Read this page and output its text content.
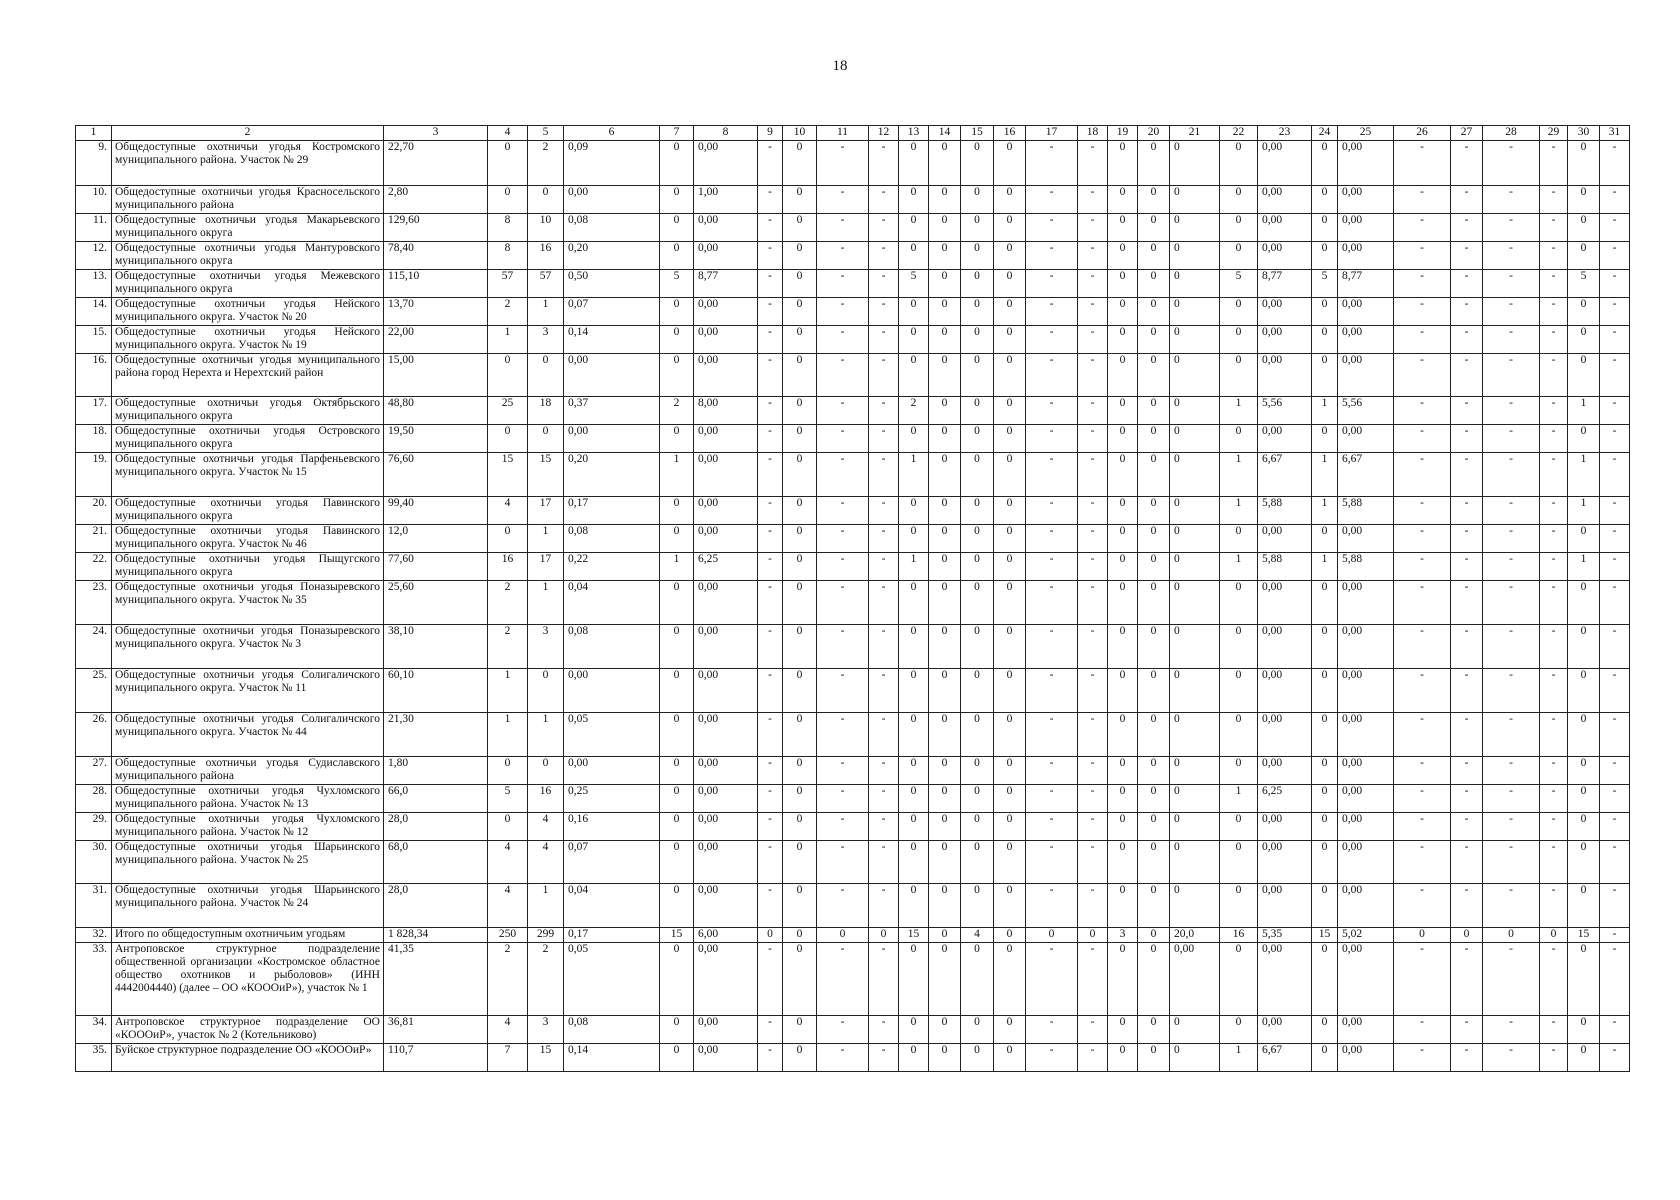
18
1	2	3	4	5	6	7	8	9	10	11	12	13	14	15	16	17	18	19	20	21	22	23	24	25	26	27	28	29	30	31
9.	Общедоступные охотничьи угодья Костромского муниципального района. Участок № 29	22,70	0	2	0,09	0	0,00	-	0	-	-	0	0	0	0	-	-	0	0	0	0	0,00	0	0,00	-	-	-	-	0	-
10.	Общедоступные охотничьи угодья Красносельского муниципального района	2,80	0	0	0,00	0	1,00	-	0	-	-	0	0	0	0	-	-	0	0	0	0	0,00	0	0,00	-	-	-	-	0	-
11.	Общедоступные охотничьи угодья Макарьевского муниципального округа	129,60	8	10	0,08	0	0,00	-	0	-	-	0	0	0	0	-	-	0	0	0	0	0,00	0	0,00	-	-	-	-	0	-
12.	Общедоступные охотничьи угодья Мантуровского муниципального округа	78,40	8	16	0,20	0	0,00	-	0	-	-	0	0	0	0	-	-	0	0	0	0	0,00	0	0,00	-	-	-	-	0	-
13.	Общедоступные охотничьи угодья Межевского муниципального округа	115,10	57	57	0,50	5	8,77	-	0	-	-	5	0	0	0	-	-	0	0	0	5	8,77	5	8,77	-	-	-	-	5	-
14.	Общедоступные охотничьи угодья Нейского муниципального округа. Участок № 20	13,70	2	1	0,07	0	0,00	-	0	-	-	0	0	0	0	-	-	0	0	0	0	0,00	0	0,00	-	-	-	-	0	-
15.	Общедоступные охотничьи угодья Нейского муниципального округа. Участок № 19	22,00	1	3	0,14	0	0,00	-	0	-	-	0	0	0	0	-	-	0	0	0	0	0,00	0	0,00	-	-	-	-	0	-
16.	Общедоступные охотничьи угодья муниципального района город Нерехта и Нерехтский район	15,00	0	0	0,00	0	0,00	-	0	-	-	0	0	0	0	-	-	0	0	0	0	0,00	0	0,00	-	-	-	-	0	-
17.	Общедоступные охотничьи угодья Октябрьского муниципального округа	48,80	25	18	0,37	2	8,00	-	0	-	-	2	0	0	0	-	-	0	0	0	1	5,56	1	5,56	-	-	-	-	1	-
18.	Общедоступные охотничьи угодья Островского муниципального округа	19,50	0	0	0,00	0	0,00	-	0	-	-	0	0	0	0	-	-	0	0	0	0	0,00	0	0,00	-	-	-	-	0	-
19.	Общедоступные охотничьи угодья Парфеньевского муниципального округа. Участок № 15	76,60	15	15	0,20	1	0,00	-	0	-	-	1	0	0	0	-	-	0	0	0	1	6,67	1	6,67	-	-	-	-	1	-
20.	Общедоступные охотничьи угодья Павинского муниципального округа	99,40	4	17	0,17	0	0,00	-	0	-	-	0	0	0	0	-	-	0	0	0	1	5,88	1	5,88	-	-	-	-	1	-
21.	Общедоступные охотничьи угодья Павинского муниципального округа. Участок № 46	12,0	0	1	0,08	0	0,00	-	0	-	-	0	0	0	0	-	-	0	0	0	0	0,00	0	0,00	-	-	-	-	0	-
22.	Общедоступные охотничьи угодья Пыщугского муниципального округа	77,60	16	17	0,22	1	6,25	-	0	-	-	1	0	0	0	-	-	0	0	0	1	5,88	1	5,88	-	-	-	-	1	-
23.	Общедоступные охотничьи угодья Поназыревского муниципального округа. Участок № 35	25,60	2	1	0,04	0	0,00	-	0	-	-	0	0	0	0	-	-	0	0	0	0	0,00	0	0,00	-	-	-	-	0	-
24.	Общедоступные охотничьи угодья Поназыревского муниципального округа. Участок № 3	38,10	2	3	0,08	0	0,00	-	0	-	-	0	0	0	0	-	-	0	0	0	0	0,00	0	0,00	-	-	-	-	0	-
25.	Общедоступные охотничьи угодья Солигаличского муниципального округа. Участок № 11	60,10	1	0	0,00	0	0,00	-	0	-	-	0	0	0	0	-	-	0	0	0	0	0,00	0	0,00	-	-	-	-	0	-
26.	Общедоступные охотничьи угодья Солигаличского муниципального округа. Участок № 44	21,30	1	1	0,05	0	0,00	-	0	-	-	0	0	0	0	-	-	0	0	0	0	0,00	0	0,00	-	-	-	-	0	-
27.	Общедоступные охотничьи угодья Судиславского муниципального района	1,80	0	0	0,00	0	0,00	-	0	-	-	0	0	0	0	-	-	0	0	0	0	0,00	0	0,00	-	-	-	-	0	-
28.	Общедоступные охотничьи угодья Чухломского муниципального района. Участок № 13	66,0	5	16	0,25	0	0,00	-	0	-	-	0	0	0	0	-	-	0	0	0	1	6,25	0	0,00	-	-	-	-	0	-
29.	Общедоступные охотничьи угодья Чухломского муниципального района. Участок № 12	28,0	0	4	0,16	0	0,00	-	0	-	-	0	0	0	0	-	-	0	0	0	0	0,00	0	0,00	-	-	-	-	0	-
30.	Общедоступные охотничьи угодья Шарьинского муниципального района. Участок № 25	68,0	4	4	0,07	0	0,00	-	0	-	-	0	0	0	0	-	-	0	0	0	0	0,00	0	0,00	-	-	-	-	0	-
31.	Общедоступные охотничьи угодья Шарьинского муниципального района. Участок № 24	28,0	4	1	0,04	0	0,00	-	0	-	-	0	0	0	0	-	-	0	0	0	0	0,00	0	0,00	-	-	-	-	0	-
32.	Итого по общедоступным охотничьим угодьям	1 828,34	250	299	0,17	15	6,00	0	0	0	0	15	0	4	0	0	0	3	0	20,0	16	5,35	15	5,02	0	0	0	0	15	-
33.	Антроповское структурное подразделение общественной организации «Костромское областное общество охотников и рыболовов» (ИНН 4442004440) (далее – ОО «КОООиР»), участок № 1	41,35	2	2	0,05	0	0,00	-	0	-	-	0	0	0	0	-	-	0	0	0,00	0	0,00	0	0,00	-	-	-	-	0	-
34.	Антроповское структурное подразделение ОО «КОООиР», участок № 2 (Котельниково)	36,81	4	3	0,08	0	0,00	-	0	-	-	0	0	0	0	-	-	0	0	0	0	0,00	0	0,00	-	-	-	-	0	-
35.	Буйское структурное подразделение ОО «КОООиР»	110,7	7	15	0,14	0	0,00	-	0	-	-	0	0	0	0	-	-	0	0	0	1	6,67	0	0,00	-	-	-	-	0	-
